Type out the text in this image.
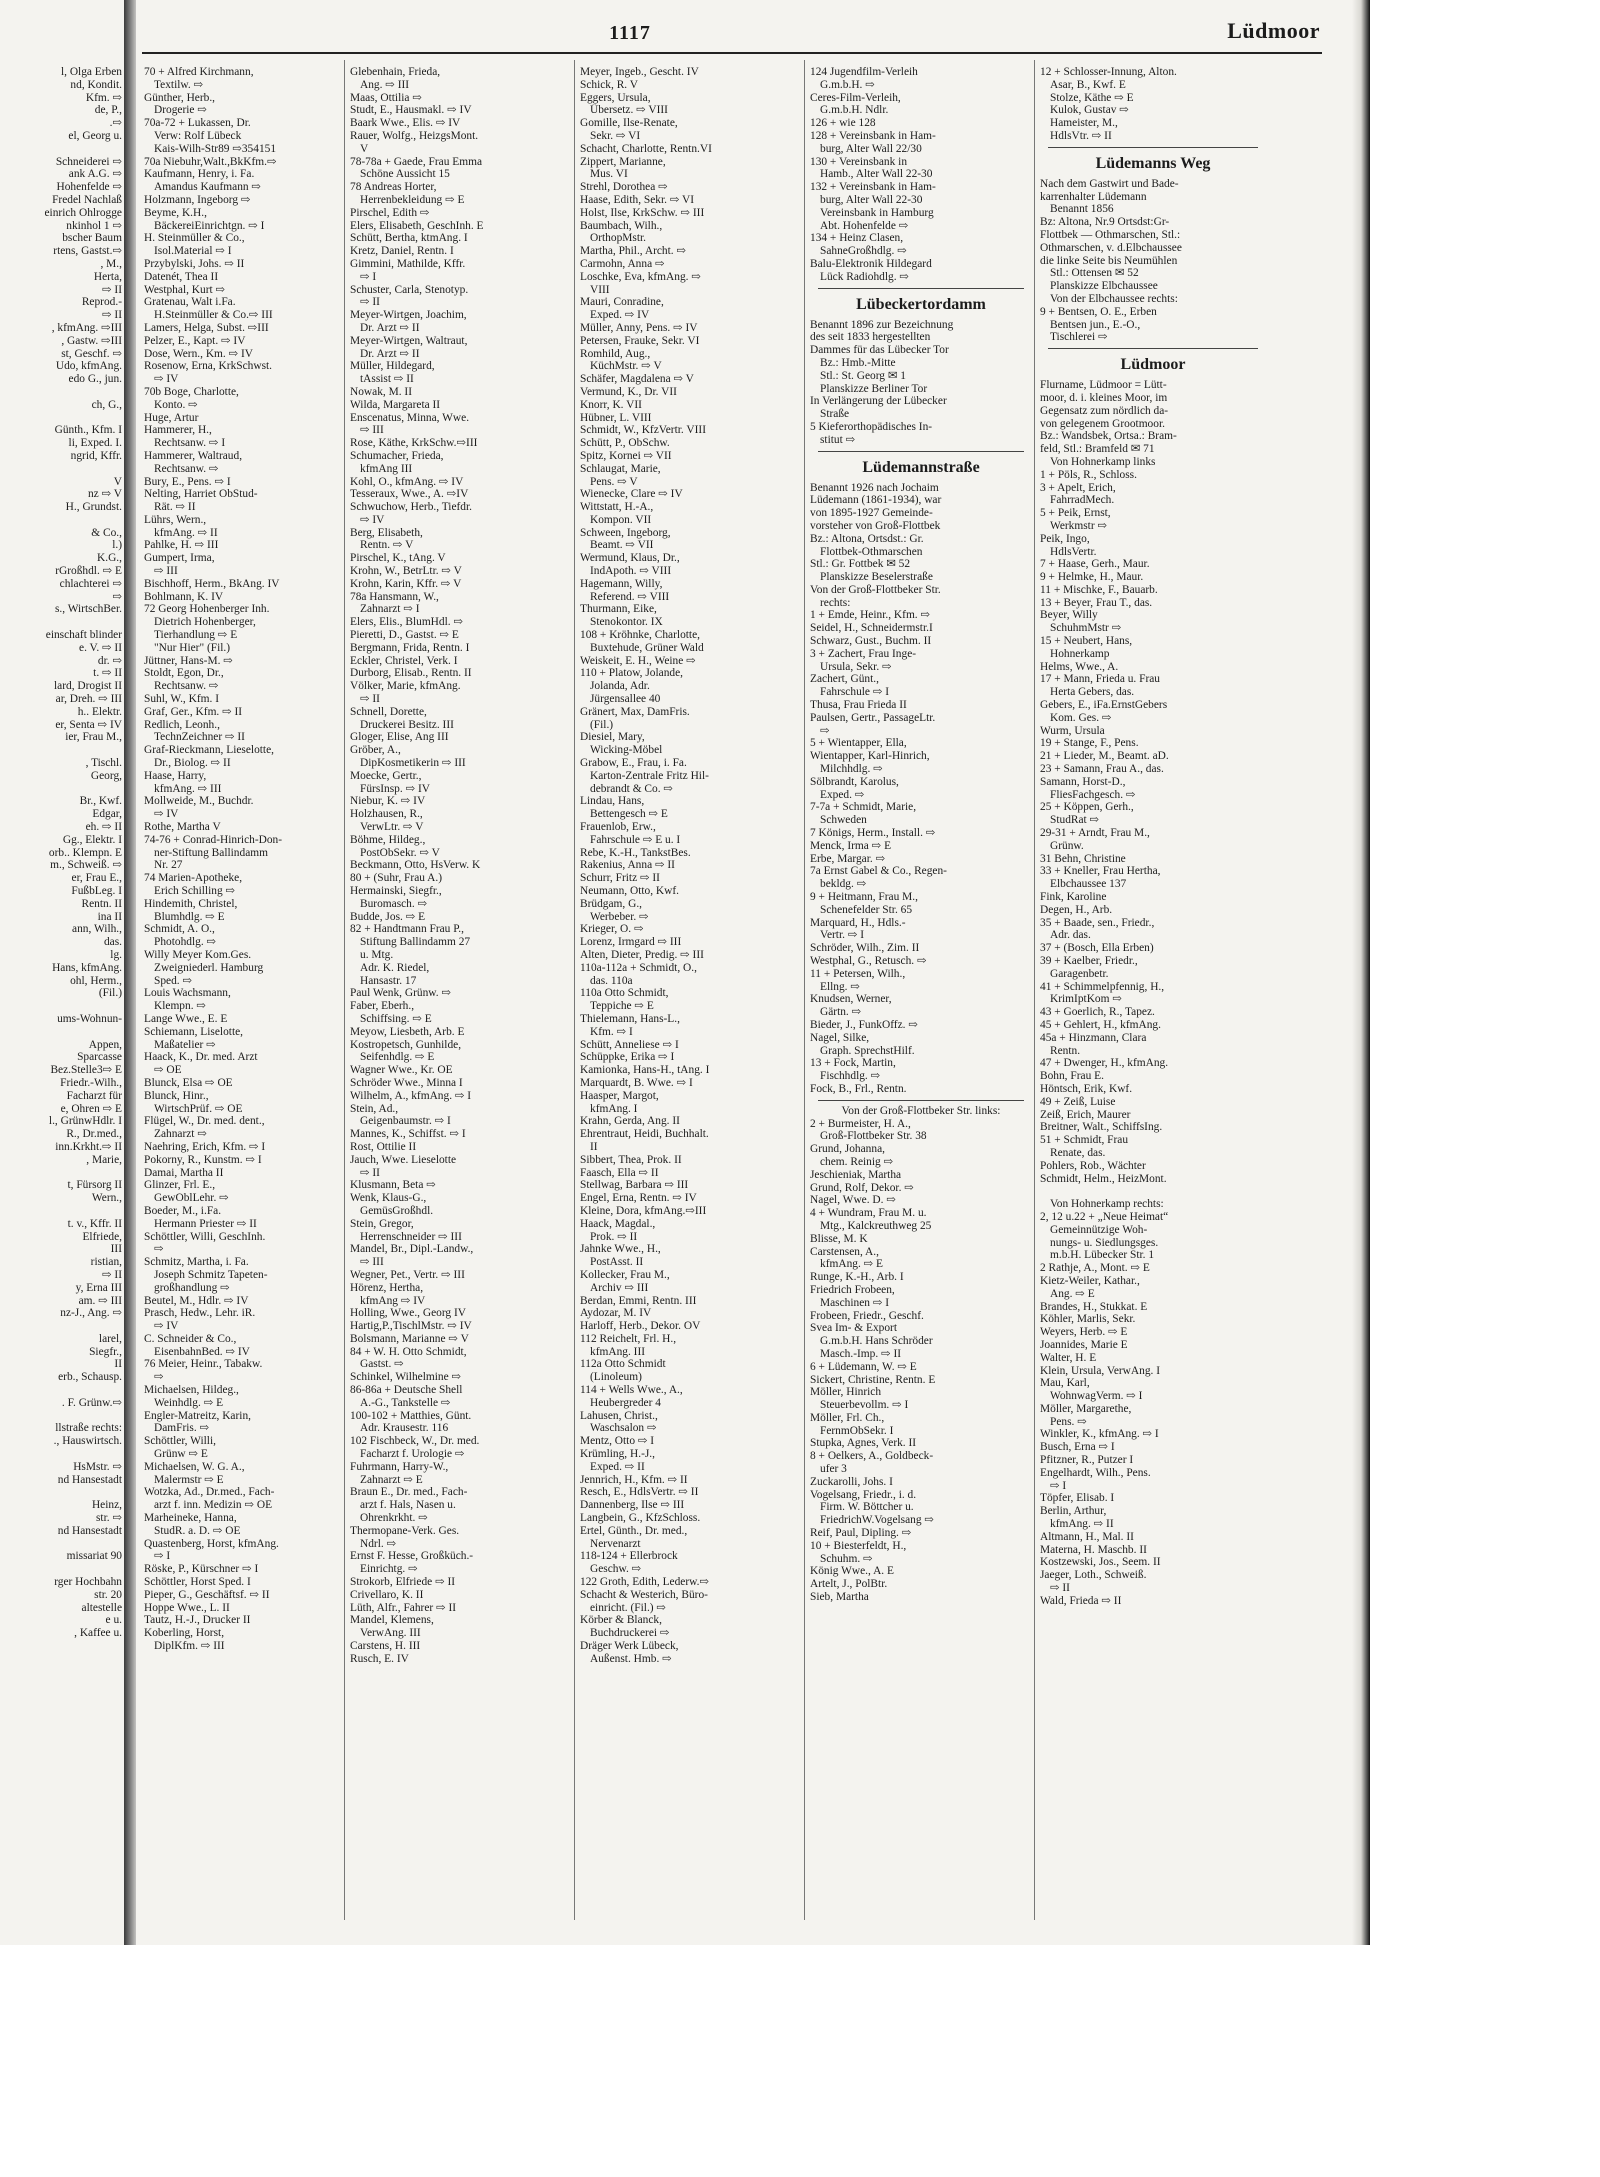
l, Olga Erben
nd, Kondit.
Kfm. ⇨
de, P.,
.⇨
el, Georg u.

Schneiderei ⇨
ank A.G. ⇨
Hohenfelde ⇨
Fredel Nachlaß
einrich Ohlrogge
nkinhol 1 ⇨
bscher Baum
rtens, Gastst.⇨
, M.,
Herta,
⇨ II
Reprod.-
⇨ II
, kfmAng. ⇨III
, Gastw. ⇨III
st, Geschf. ⇨
Udo, kfmAng.
edo G., jun.

ch, G.,

Günth., Kfm. I
li, Exped. I.
ngrid, Kffr.

V
nz ⇨ V
H., Grundst.

& Co.,
l.)
K.G.,
rGroßhdl. ⇨ E
chlachterei ⇨
⇨
s., WirtschBer.

einschaft blinder
e. V. ⇨ II
dr. ⇨
t. ⇨ II
lard, Drogist II
ar, Dreh. ⇨ III
h.. Elektr.
er, Senta ⇨ IV
ier, Frau M.,

, Tischl.
Georg,

Br., Kwf.
Edgar,
eh. ⇨ II
Gg., Elektr. I
orb.. Klempn. E
m., Schweiß. ⇨
er, Frau E.,
FußbLeg. I
Rentn. II
ina II
ann, Wilh.,
das.
lg.
Hans, kfmAng.
ohl, Herm.,
(Fil.)

ums-Wohnun-

Appen,
Sparcasse
Bez.Stelle3⇨ E
Friedr.-Wilh.,
Facharzt für
e, Ohren ⇨ E
l., GrünwHdlr. I
R., Dr.med.,
inn.Krkht.⇨ II
, Marie,

t, Fürsorg II
Wern.,

t. v., Kffr. II
Elfriede,
III
ristian,
⇨ II
y, Erna III
am. ⇨ III
nz-J., Ang. ⇨

larel,
Siegfr.,
II
erb., Schausp.

. F. Grünw.⇨

llstraße rechts:
., Hauswirtsch.

HsMstr. ⇨
nd Hansestadt

Heinz,
str. ⇨
nd Hansestadt

missariat 90

rger Hochbahn
str. 20
altestelle
e u.
, Kaffee u.
1117	Lüdmoor
70 + Alfred Kirchmann,
Textilw. ⇨
Günther, Herb.,
Drogerie ⇨
70a-72 + Lukassen, Dr.
Verw: Rolf Lübeck
Kais-Wilh-Str89 ⇨354151
70a Niebuhr,Walt.,BkKfm.⇨
Kaufmann, Henry, i. Fa.
Amandus Kaufmann ⇨
Holzmann, Ingeborg ⇨
Beyme, K.H.,
BäckereiEinrichtgn. ⇨ I
H. Steinmüller & Co.,
Isol.Material ⇨ I
Przybylski, Johs. ⇨ II
Datenét, Thea II
Westphal, Kurt ⇨
Gratenau, Walt i.Fa.
H.Steinmüller & Co.⇨ III
Lamers, Helga, Subst. ⇨III
Pelzer, E., Kapt. ⇨ IV
Dose, Wern., Km. ⇨ IV
Rosenow, Erna, KrkSchwst.
⇨ IV
70b Boge, Charlotte,
Konto. ⇨
Huge, Artur
Hammerer, H.,
Rechtsanw. ⇨ I
Hammerer, Waltraud,
Rechtsanw. ⇨
Bury, E., Pens. ⇨ I
Nelting, Harriet ObStud-
Rät. ⇨ II
Lührs, Wern.,
kfmAng. ⇨ II
Pahlke, H. ⇨ III
Gumpert, Irma,
⇨ III
Bischhoff, Herm., BkAng. IV
Bohlmann, K. IV
72 Georg Hohenberger Inh.
Dietrich Hohenberger,
Tierhandlung ⇨ E
"Nur Hier" (Fil.)
Jüttner, Hans-M. ⇨
Stoldt, Egon, Dr.,
Rechtsanw. ⇨
Suhl, W., Kfm. I
Graf, Ger., Kfm. ⇨ II
Redlich, Leonh.,
TechnZeichner ⇨ II
Graf-Rieckmann, Lieselotte,
Dr., Biolog. ⇨ II
Haase, Harry,
kfmAng. ⇨ III
Mollweide, M., Buchdr.
⇨ IV
Rothe, Martha V
74-76 + Conrad-Hinrich-Don-
ner-Stiftung Ballindamm
Nr. 27
74 Marien-Apotheke,
Erich Schilling ⇨
Hindemith, Christel,
Blumhdlg. ⇨ E
Schmidt, A. O.,
Photohdlg. ⇨
Willy Meyer Kom.Ges.
Zweigniederl. Hamburg
Sped. ⇨
Louis Wachsmann,
Klempn. ⇨
Lange Wwe., E. E
Schiemann, Liselotte,
Maßatelier ⇨
Haack, K., Dr. med. Arzt
⇨ OE
Blunck, Elsa ⇨ OE
Blunck, Hinr.,
WirtschPrüf. ⇨ OE
Flügel, W., Dr. med. dent.,
Zahnarzt ⇨
Naehring, Erich, Kfm. ⇨ I
Pokorny, R., Kunstm. ⇨ I
Damai, Martha II
Glinzer, Frl. E.,
GewOblLehr. ⇨
Boeder, M., i.Fa.
Hermann Priester ⇨ II
Schöttler, Willi, GeschInh.
⇨
Schmitz, Martha, i. Fa.
Joseph Schmitz Tapeten-
großhandlung ⇨
Beutel, M., Hdlr. ⇨ IV
Prasch, Hedw., Lehr. iR.
⇨ IV
C. Schneider & Co.,
EisenbahnBed. ⇨ IV
76 Meier, Heinr., Tabakw.
⇨
Michaelsen, Hildeg.,
Weinhdlg. ⇨ E
Engler-Matreitz, Karin,
DamFris. ⇨
Schöttler, Willi,
Grünw ⇨ E
Michaelsen, W. G. A.,
Malermstr ⇨ E
Wotzka, Ad., Dr.med., Fach-
arzt f. inn. Medizin ⇨ OE
Marheineke, Hanna,
StudR. a. D. ⇨ OE
Quastenberg, Horst, kfmAng.
⇨ I
Röske, P., Kürschner ⇨ I
Schöttler, Horst Sped. I
Pieper, G., Geschäftsf. ⇨ II
Hoppe Wwe., L. II
Tautz, H.-J., Drucker II
Koberling, Horst,
DiplKfm. ⇨ III
Glebenhain, Frieda,
Ang. ⇨ III
Maas, Ottilia ⇨
Studt, E., Hausmakl. ⇨ IV
Baark Wwe., Elis. ⇨ IV
Rauer, Wolfg., HeizgsMont.
V
78-78a + Gaede, Frau Emma
Schöne Aussicht 15
78 Andreas Horter,
Herrenbekleidung ⇨ E
Pirschel, Edith ⇨
Elers, Elisabeth, GeschInh. E
Schütt, Bertha, ktmAng. I
Kretz, Daniel, Rentn. I
Gimmini, Mathilde, Kffr.
⇨ I
Schuster, Carla, Stenotyp.
⇨ II
Meyer-Wirtgen, Joachim,
Dr. Arzt ⇨ II
Meyer-Wirtgen, Waltraut,
Dr. Arzt ⇨ II
Müller, Hildegard,
tAssist ⇨ II
Nowak, M. II
Wilda, Margareta II
Enscenatus, Minna, Wwe.
⇨ III
Rose, Käthe, KrkSchw.⇨III
Schumacher, Frieda,
kfmAng III
Kohl, O., kfmAng. ⇨ IV
Tesseraux, Wwe., A. ⇨IV
Schwuchow, Herb., Tiefdr.
⇨ IV
Berg, Elisabeth,
Rentn. ⇨ V
Pirschel, K., tAng. V
Krohn, W., BetrLtr. ⇨ V
Krohn, Karin, Kffr. ⇨ V
78a Hansmann, W.,
Zahnarzt ⇨ I
Elers, Elis., BlumHdl. ⇨
Pieretti, D., Gastst. ⇨ E
Bergmann, Frida, Rentn. I
Eckler, Christel, Verk. I
Durborg, Elisab., Rentn. II
Völker, Marie, kfmAng.
⇨ II
Schnell, Dorette,
Druckerei Besitz. III
Gloger, Elise, Ang III
Gröber, A.,
DipKosmetikerin ⇨ III
Moecke, Gertr.,
FürsInsp. ⇨ IV
Niebur, K. ⇨ IV
Holzhausen, R.,
VerwLtr. ⇨ V
Böhme, Hildeg.,
PostObSekr. ⇨ V
Beckmann, Otto, HsVerw. K
80 + (Suhr, Frau A.)
Hermainski, Siegfr.,
Buromasch. ⇨
Budde, Jos. ⇨ E
82 + Handtmann Frau P.,
Stiftung Ballindamm 27
u. Mtg.
Adr. K. Riedel,
Hansastr. 17
Paul Wenk, Grünw. ⇨
Faber, Eberh.,
Schiffsing. ⇨ E
Meyow, Liesbeth, Arb. E
Kostropetsch, Gunhilde,
Seifenhdlg. ⇨ E
Wagner Wwe., Kr. OE
Schröder Wwe., Minna I
Wilhelm, A., kfmAng. ⇨ I
Stein, Ad.,
Geigenbaumstr. ⇨ I
Mannes, K., Schiffst. ⇨ I
Rost, Ottilie II
Jauch, Wwe. Lieselotte
⇨ II
Klusmann, Beta ⇨
Wenk, Klaus-G.,
GemüsGroßhdl.
Stein, Gregor,
Herrenschneider ⇨ III
Mandel, Br., Dipl.-Landw.,
⇨ III
Wegner, Pet., Vertr. ⇨ III
Hörenz, Hertha,
kfmAng ⇨ IV
Holling, Wwe., Georg IV
Hartig,P.,TischlMstr. ⇨ IV
Bolsmann, Marianne ⇨ V
84 + W. H. Otto Schmidt,
Gastst. ⇨
Schinkel, Wilhelmine ⇨
86-86a + Deutsche Shell
A.-G., Tankstelle ⇨
100-102 + Matthies, Günt.
Adr. Krausestr. 116
102 Fischbeck, W., Dr. med.
Facharzt f. Urologie ⇨
Fuhrmann, Harry-W.,
Zahnarzt ⇨ E
Braun E., Dr. med., Fach-
arzt f. Hals, Nasen u.
Ohrenkrkht. ⇨
Thermopane-Verk. Ges.
Ndrl. ⇨
Ernst F. Hesse, Großküch.-
Einrichtg. ⇨
Strokorb, Elfriede ⇨ II
Crivellaro, K. II
Lüth, Alfr., Fahrer ⇨ II
Mandel, Klemens,
VerwAng. III
Carstens, H. III
Rusch, E. IV
Meyer, Ingeb., Gescht. IV
Schick, R. V
Eggers, Ursula,
Übersetz. ⇨ VIII
Gomille, Ilse-Renate,
Sekr. ⇨ VI
Schacht, Charlotte, Rentn.VI
Zippert, Marianne,
Mus. VI
Strehl, Dorothea ⇨
Haase, Edith, Sekr. ⇨ VI
Holst, Ilse, KrkSchw. ⇨ III
Baumbach, Wilh.,
OrthopMstr.
Martha, Phil., Archt. ⇨
Carmohn, Anna ⇨
Loschke, Eva, kfmAng. ⇨
VIII
Mauri, Conradine,
Exped. ⇨ IV
Müller, Anny, Pens. ⇨ IV
Petersen, Frauke, Sekr. VI
Romhild, Aug.,
KüchMstr. ⇨ V
Schäfer, Magdalena ⇨ V
Vermund, K., Dr. VII
Knorr, K. VII
Hübner, L. VIII
Schmidt, W., KfzVertr. VIII
Schütt, P., ObSchw.
Spitz, Kornei ⇨ VII
Schlaugat, Marie,
Pens. ⇨ V
Wienecke, Clare ⇨ IV
Wittstatt, H.-A.,
Kompon. VII
Schween, Ingeborg,
Beamt. ⇨ VII
Wermund, Klaus, Dr.,
IndApoth. ⇨ VIII
Hagemann, Willy,
Referend. ⇨ VIII
Thurmann, Eike,
Stenokontor. IX
108 + Kröhnke, Charlotte,
Buxtehude, Grüner Wald
Weiskeit, E. H., Weine ⇨
110 + Platow, Jolande,
Jolanda, Adr.
Jürgensallee 40
Gränert, Max, DamFris.
(Fil.)
Diesiel, Mary,
Wicking-Möbel
Grabow, E., Frau, i. Fa.
Karton-Zentrale Fritz Hil-
debrandt & Co. ⇨
Lindau, Hans,
Bettengesch ⇨ E
Frauenlob, Erw.,
Fahrschule ⇨ E u. I
Rebe, K.-H., TankstBes.
Rakenius, Anna ⇨ II
Schurr, Fritz ⇨ II
Neumann, Otto, Kwf.
Brüdgam, G.,
Werbeber. ⇨
Krieger, O. ⇨
Lorenz, Irmgard ⇨ III
Alten, Dieter, Predig. ⇨ III
110a-112a + Schmidt, O.,
das. 110a
110a Otto Schmidt,
Teppiche ⇨ E
Thielemann, Hans-L.,
Kfm. ⇨ I
Schütt, Anneliese ⇨ I
Schüppke, Erika ⇨ I
Kamionka, Hans-H., tAng. I
Marquardt, B. Wwe. ⇨ I
Haasper, Margot,
kfmAng. I
Krahn, Gerda, Ang. II
Ehrentraut, Heidi, Buchhalt.
II
Sibbert, Thea, Prok. II
Faasch, Ella ⇨ II
Stellwag, Barbara ⇨ III
Engel, Erna, Rentn. ⇨ IV
Kleine, Dora, kfmAng.⇨III
Haack, Magdal.,
Prok. ⇨ II
Jahnke Wwe., H.,
PostAsst. II
Kollecker, Frau M.,
Archiv ⇨ III
Berdan, Emmi, Rentn. III
Aydozar, M. IV
Harloff, Herb., Dekor. OV
112 Reichelt, Frl. H.,
kfmAng. III
112a Otto Schmidt
(Linoleum)
114 + Wells Wwe., A.,
Heubergreder 4
Lahusen, Christ.,
Waschsalon ⇨
Mentz, Otto ⇨ I
Krümling, H.-J.,
Exped. ⇨ II
Jennrich, H., Kfm. ⇨ II
Resch, E., HdlsVertr. ⇨ II
Dannenberg, Ilse ⇨ III
Langbein, G., KfzSchloss.
Ertel, Günth., Dr. med.,
Nervenarzt
118-124 + Ellerbrock
Geschw. ⇨
122 Groth, Edith, Lederw.⇨
Schacht & Westerich, Büro-
einricht. (Fil.) ⇨
Körber & Blanck,
Buchdruckerei ⇨
Dräger Werk Lübeck,
Außenst. Hmb. ⇨
124 Jugendfilm-Verleih
G.m.b.H. ⇨
Ceres-Film-Verleih,
G.m.b.H. Ndlr.
126 + wie 128
128 + Vereinsbank in Ham-
burg, Alter Wall 22/30
130 + Vereinsbank in
Hamb., Alter Wall 22-30
132 + Vereinsbank in Ham-
burg, Alter Wall 22-30
Vereinsbank in Hamburg
Abt. Hohenfelde ⇨
134 + Heinz Clasen,
SahneGroßhdlg. ⇨
Balu-Elektronik Hildegard
Lück Radiohdlg. ⇨
Lübeckertordamm
Benannt 1896 zur Bezeichnung
des seit 1833 hergestellten
Dammes für das Lübecker Tor
Bz.: Hmb.-Mitte
Stl.: St. Georg ✉ 1
Planskizze Berliner Tor
In Verlängerung der Lübecker
Straße
5 Kieferorthopädisches In-
stitut ⇨
Lüdemannstraße
Benannt 1926 nach Jochaim
Lüdemann (1861-1934), war
von 1895-1927 Gemeinde-
vorsteher von Groß-Flottbek
Bz.: Altona, Ortsdst.: Gr.
Flottbek-Othmarschen
Stl.: Gr. Fottbek ✉ 52
Planskizze Beselerstraße
Von der Groß-Flottbeker Str.
rechts:
1 + Emde, Heinr., Kfm. ⇨
Seidel, H., Schneidermstr.I
Schwarz, Gust., Buchm. II
3 + Zachert, Frau Inge-
Ursula, Sekr. ⇨
Zachert, Günt.,
Fahrschule ⇨ I
Thusa, Frau Frieda II
Paulsen, Gertr., PassageLtr.
⇨
5 + Wientapper, Ella,
Wientapper, Karl-Hinrich,
Milchhdlg. ⇨
Sölbrandt, Karolus,
Exped. ⇨
7-7a + Schmidt, Marie,
Schweden
7 Königs, Herm., Install. ⇨
Menck, Irma ⇨ E
Erbe, Margar. ⇨
7a Ernst Gabel & Co., Regen-
bekldg. ⇨
9 + Heitmann, Frau M.,
Schenefelder Str. 65
Marquard, H., Hdls.-
Vertr. ⇨ I
Schröder, Wilh., Zim. II
Westphal, G., Retusch. ⇨
11 + Petersen, Wilh.,
Ellng. ⇨
Knudsen, Werner,
Gärtn. ⇨
Bieder, J., FunkOffz. ⇨
Nagel, Silke,
Graph. SprechstHilf.
13 + Fock, Martin,
Fischhdlg. ⇨
Fock, B., Frl., Rentn.
Von der Groß-Flottbeker Str. links:
2 + Burmeister, H. A.,
Groß-Flottbeker Str. 38
Grund, Johanna,
chem. Reinig ⇨
Jeschieniak, Martha
Grund, Rolf, Dekor. ⇨
Nagel, Wwe. D. ⇨
4 + Wundram, Frau M. u.
Mtg., Kalckreuthweg 25
Blisse, M. K
Carstensen, A.,
kfmAng. ⇨ E
Runge, K.-H., Arb. I
Friedrich Frobeen,
Maschinen ⇨ I
Frobeen, Friedr., Geschf.
Svea Im- & Export
G.m.b.H. Hans Schröder
Masch.-Imp. ⇨ II
6 + Lüdemann, W. ⇨ E
Sickert, Christine, Rentn. E
Möller, Hinrich
Steuerbevollm. ⇨ I
Möller, Frl. Ch.,
FernmObSekr. I
Stupka, Agnes, Verk. II
8 + Oelkers, A., Goldbeck-
ufer 3
Zuckarolli, Johs. I
Vogelsang, Friedr., i. d.
Firm. W. Böttcher u.
FriedrichW.Vogelsang ⇨
Reif, Paul, Dipling. ⇨
10 + Biesterfeldt, H.,
Schuhm. ⇨
König Wwe., A. E
Artelt, J., PolBtr.
Sieb, Martha
12 + Schlosser-Innung, Alton.
Asar, B., Kwf. E
Stolze, Käthe ⇨ E
Kulok, Gustav ⇨
Hameister, M.,
HdlsVtr. ⇨ II
Lüdemanns Weg
Nach dem Gastwirt und Bade-
karrenhalter Lüdemann
Benannt 1856
Bz: Altona, Nr.9 Ortsdst:Gr-
Flottbek — Othmarschen, Stl.:
Othmarschen, v. d.Elbchaussee
die linke Seite bis Neumühlen
Stl.: Ottensen ✉ 52
Planskizze Elbchaussee
Von der Elbchaussee rechts:
9 + Bentsen, O. E., Erben
Bentsen jun., E.-O.,
Tischlerei ⇨
Lüdmoor
Flurname, Lüdmoor = Lütt-
moor, d. i. kleines Moor, im
Gegensatz zum nördlich da-
von gelegenem Grootmoor.
Bz.: Wandsbek, Ortsa.: Bram-
feld, Stl.: Bramfeld ✉ 71
Von Hohnerkamp links
1 + Pöls, R., Schloss.
3 + Apelt, Erich,
FahrradMech.
5 + Peik, Ernst,
Werkmstr ⇨
Peik, Ingo,
HdlsVertr.
7 + Haase, Gerh., Maur.
9 + Helmke, H., Maur.
11 + Mischke, F., Bauarb.
13 + Beyer, Frau T., das.
Beyer, Willy
SchuhmMstr ⇨
15 + Neubert, Hans,
Hohnerkamp
Helms, Wwe., A.
17 + Mann, Frieda u. Frau
Herta Gebers, das.
Gebers, E., iFa.ErnstGebers
Kom. Ges. ⇨
Wurm, Ursula
19 + Stange, F., Pens.
21 + Lieder, M., Beamt. aD.
23 + Samann, Frau A., das.
Samann, Horst-D.,
FliesFachgesch. ⇨
25 + Köppen, Gerh.,
StudRat ⇨
29-31 + Arndt, Frau M.,
Grünw.
31 Behn, Christine
33 + Kneller, Frau Hertha,
Elbchaussee 137
Fink, Karoline
Degen, H., Arb.
35 + Baade, sen., Friedr.,
Adr. das.
37 + (Bosch, Ella Erben)
39 + Kaelber, Friedr.,
Garagenbetr.
41 + Schimmelpfennig, H.,
KrimIptKom ⇨
43 + Goerlich, R., Tapez.
45 + Gehlert, H., kfmAng.
45a + Hinzmann, Clara
Rentn.
47 + Dwenger, H., kfmAng.
Bohn, Frau E.
Höntsch, Erik, Kwf.
49 + Zeiß, Luise
Zeiß, Erich, Maurer
Breitner, Walt., SchiffsIng.
51 + Schmidt, Frau
Renate, das.
Pohlers, Rob., Wächter
Schmidt, Helm., HeizMont.

Von Hohnerkamp rechts:
2, 12 u.22 + „Neue Heimat“
Gemeinnützige Woh-
nungs- u. Siedlungsges.
m.b.H. Lübecker Str. 1
2 Rathje, A., Mont. ⇨ E
Kietz-Weiler, Kathar.,
Ang. ⇨ E
Brandes, H., Stukkat. E
Köhler, Marlis, Sekr.
Weyers, Herb. ⇨ E
Joannides, Marie E
Walter, H. E
Klein, Ursula, VerwAng. I
Mau, Karl,
WohnwagVerm. ⇨ I
Möller, Margarethe,
Pens. ⇨
Winkler, K., kfmAng. ⇨ I
Busch, Erna ⇨ I
Pfitzner, R., Putzer I
Engelhardt, Wilh., Pens.
⇨ I
Töpfer, Elisab. I
Berlin, Arthur,
kfmAng. ⇨ II
Altmann, H., Mal. II
Materna, H. Maschb. II
Kostzewski, Jos., Seem. II
Jaeger, Loth., Schweiß.
⇨ II
Wald, Frieda ⇨ II
